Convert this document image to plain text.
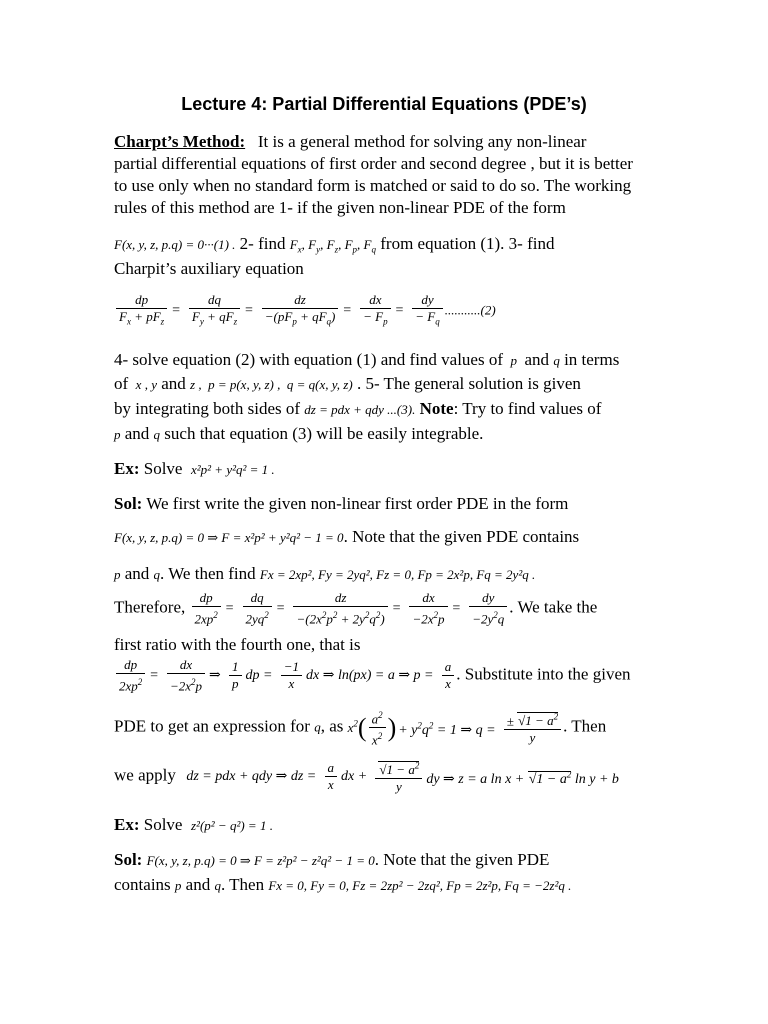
Lecture 4: Partial Differential Equations (PDE’s)
Charpt’s Method: It is a general method for solving any non-linear
partial differential equations of first order and second degree , but it is better
to use only when no standard form is matched or said to do so. The working
rules of this method are 1- if the given non-linear PDE of the form
F(x, y, z, p.q) = 0···(1) . 2- find $F_x$, $F_y$, $F_z$, $F_p$, $F_q$ from equation (1). 3- find
Charpit’s auxiliary equation
$\frac{dp}{F_x + pF_z} = \frac{dq}{F_y + qF_z} = \frac{dz}{-(pF_p + qF_q)} = \frac{dx}{- F_p} = \frac{dy}{- F_q} ...........(2)$
4- solve equation (2) with equation (1) and find values of  p  and q in terms
of  x , y and z ,  p = p(x, y, z) ,  q = q(x, y, z) . 5- The general solution is given
by integrating both sides of dz = pdx + qdy ...(3). Note: Try to find values of
p and q such that equation (3) will be easily integrable.
Ex: Solve x²p² + y²q² = 1 .
Sol: We first write the given non-linear first order PDE in the form
F(x, y, z, p.q) = 0 ⇒ F = x²p² + y²q² − 1 = 0. Note that the given PDE contains
p and q. We then find Fx = 2xp², Fy = 2yq², Fz = 0, Fp = 2x²p, Fq = 2y²q .
Therefore, $\frac{dp}{2xp^2} = \frac{dq}{2yq^2} = \frac{dz}{-(2x^2p^2 + 2y^2q^2)} = \frac{dx}{-2x^2p} = \frac{dy}{-2y^2q}$ . We take the
first ratio with the fourth one, that is
$\frac{dp}{2xp^2} = \frac{dx}{-2x^2p}$ ⇒ $\frac{1}{p}$ dp = $\frac{-1}{x}$ dx ⇒ ln(px) = a ⇒ $p = \frac{a}{x}$ . Substitute into the given
PDE to get an expression for q, as $x^2( \frac{a^2}{x^2}$ ) + $y^2q^2 = 1$ ⇒ $q = \frac{\pm √1 - a^2}{y}$ . Then
we apply dz = pdx + qdy ⇒ dz = $\frac{a}{x}$ dx + $\frac{√1 - a^2}{y}$ dy ⇒ z = a $\ln x + √1 - a^2$ ln y + b
Ex: Solve z²(p² − q²) = 1 .
Sol: F(x, y, z, p.q) = 0 ⇒ F = z²p² − z²q² − 1 = 0. Note that the given PDE
contains p and q. Then Fx = 0, Fy = 0, Fz = 2zp² − 2zq², Fp = 2z²p, Fq = −2z²q .
